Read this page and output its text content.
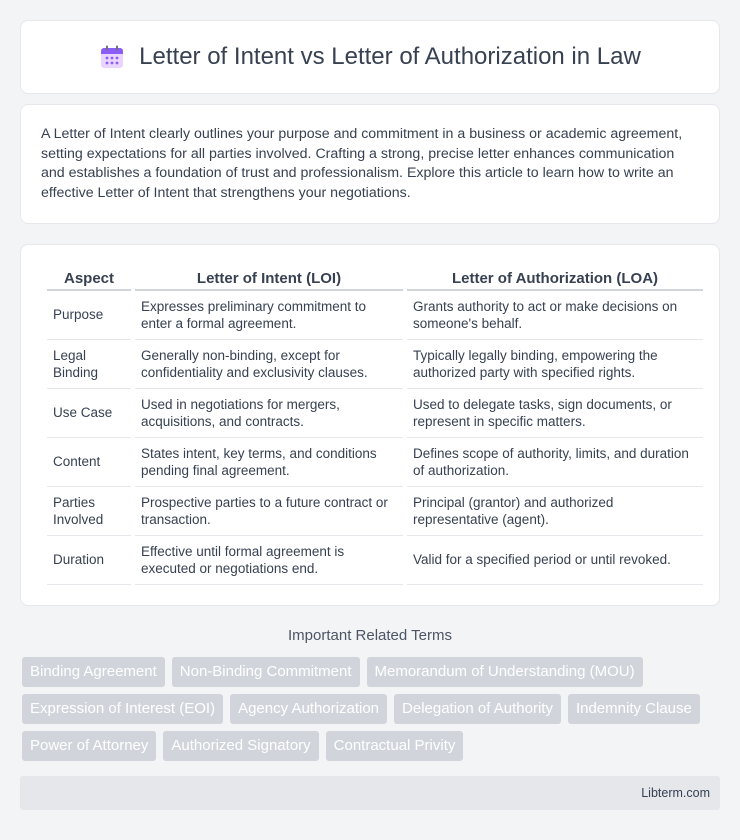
Letter of Intent vs Letter of Authorization in Law

A Letter of Intent clearly outlines your purpose and commitment in a business or academic agreement, setting expectations for all parties involved. Crafting a strong, precise letter enhances communication and establishes a foundation of trust and professionalism. Explore this article to learn how to write an effective Letter of Intent that strengthens your negotiations.

Aspect	Letter of Intent (LOI)	Letter of Authorization (LOA)
Purpose	Expresses preliminary commitment to enter a formal agreement.	Grants authority to act or make decisions on someone's behalf.
Legal Binding	Generally non-binding, except for confidentiality and exclusivity clauses.	Typically legally binding, empowering the authorized party with specified rights.
Use Case	Used in negotiations for mergers, acquisitions, and contracts.	Used to delegate tasks, sign documents, or represent in specific matters.
Content	States intent, key terms, and conditions pending final agreement.	Defines scope of authority, limits, and duration of authorization.
Parties Involved	Prospective parties to a future contract or transaction.	Principal (grantor) and authorized representative (agent).
Duration	Effective until formal agreement is executed or negotiations end.	Valid for a specified period or until revoked.
Important Related Terms
Binding Agreement	Non-Binding Commitment	Memorandum of Understanding (MOU)
Expression of Interest (EOI)	Agency Authorization	Delegation of Authority	Indemnity Clause
Power of Attorney	Authorized Signatory	Contractual Privity
Libterm.com
